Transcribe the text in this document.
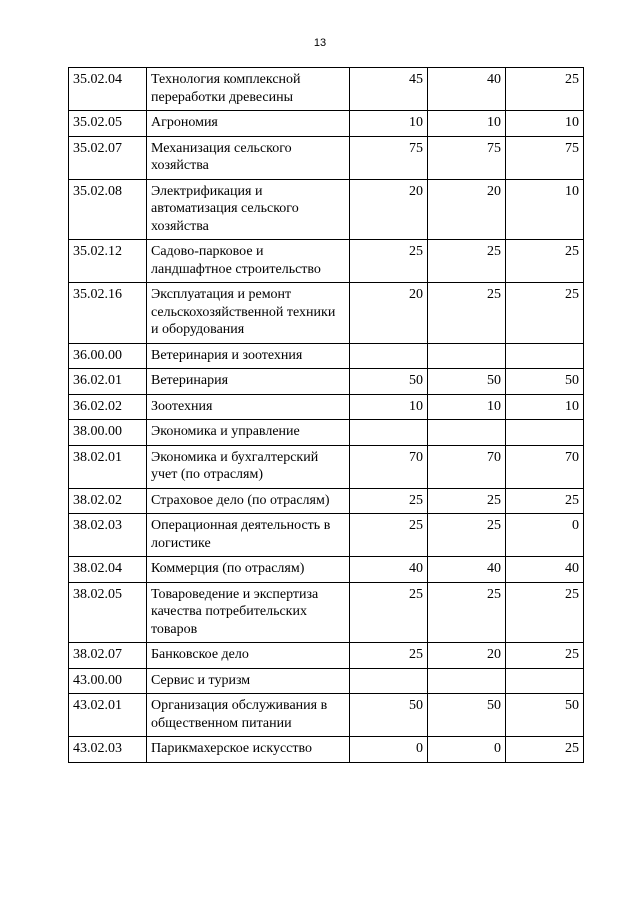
13
35.02.04	Технология комплексной переработки древесины	45	40	25
35.02.05	Агрономия	10	10	10
35.02.07	Механизация сельского хозяйства	75	75	75
35.02.08	Электрификация и автоматизация сельского хозяйства	20	20	10
35.02.12	Садово-парковое и ландшафтное строительство	25	25	25
35.02.16	Эксплуатация и ремонт сельскохозяйственной техники и оборудования	20	25	25
36.00.00	Ветеринария и зоотехния			
36.02.01	Ветеринария	50	50	50
36.02.02	Зоотехния	10	10	10
38.00.00	Экономика и управление			
38.02.01	Экономика и бухгалтерский учет (по отраслям)	70	70	70
38.02.02	Страховое дело (по отраслям)	25	25	25
38.02.03	Операционная деятельность в логистике	25	25	0
38.02.04	Коммерция (по отраслям)	40	40	40
38.02.05	Товароведение и экспертиза качества потребительских товаров	25	25	25
38.02.07	Банковское дело	25	20	25
43.00.00	Сервис и туризм			
43.02.01	Организация обслуживания в общественном питании	50	50	50
43.02.03	Парикмахерское искусство	0	0	25
